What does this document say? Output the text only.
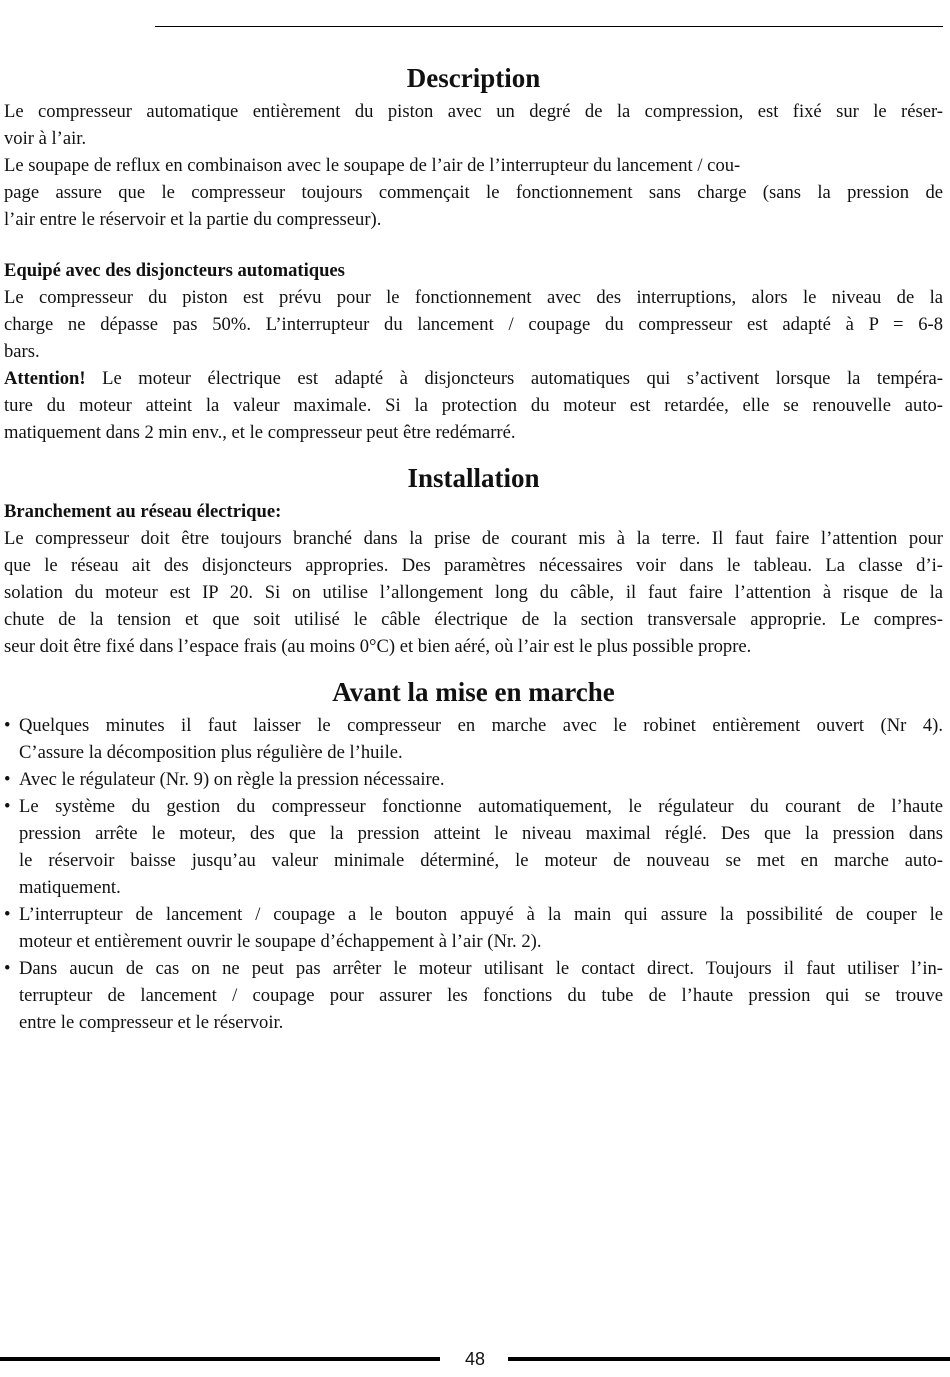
Description

Le compresseur automatique entièrement du piston avec un degré de la compression, est fixé sur le réser-
voir à l’air.

Le soupape de reflux en combinaison avec le soupape de l’air de l’interrupteur du lancement / cou-
page assure que le compresseur toujours commençait le fonctionnement sans charge (sans la pression de
l’air entre le réservoir et la partie du compresseur).

Equipé avec des disjoncteurs automatiques

Le compresseur du piston est prévu pour le fonctionnement avec des interruptions, alors le niveau de la
charge ne dépasse pas 50%. L’interrupteur du lancement / coupage du compresseur est adapté à P = 6-8
bars.

Attention! Le moteur électrique est adapté à disjoncteurs automatiques qui s’activent lorsque la tempéra-
ture du moteur atteint la valeur maximale. Si la protection du moteur est retardée, elle se renouvelle auto-
matiquement dans 2 min env., et le compresseur peut être redémarré.

Installation
Branchement au réseau électrique:

Le compresseur doit être toujours branché dans la prise de courant mis à la terre. Il faut faire l’attention pour
que le réseau ait des disjoncteurs appropries. Des paramètres nécessaires voir dans le tableau. La classe d’i-
solation du moteur est IP 20. Si on utilise l’allongement long du câble, il faut faire l’attention à risque de la
chute de la tension et que soit utilisé le câble électrique de la section transversale appropriе. Le compres-
seur doit être fixé dans l’espace frais (au moins 0°C) et bien aéré, où l’air est le plus possible propre.

Avant la mise en marche
• Quelques minutes il faut laisser le compresseur en marche avec le robinet entièrement ouvert (Nr 4).
C’assure la décomposition plus régulière de l’huile.
• Avec le régulateur (Nr. 9) on règle la pression nécessaire.
• Le système du gestion du compresseur fonctionne automatiquement, le régulateur du courant de l’haute
pression arrête le moteur, des que la pression atteint le niveau maximal réglé. Des que la pression dans
le réservoir baisse jusqu’au valeur minimale déterminé, le moteur de nouveau se met en marche auto-
matiquement.
• L’interrupteur de lancement / coupage a le bouton appuyé à la main qui assure la possibilité de couper le
moteur et entièrement ouvrir le soupape d’échappement à l’air (Nr. 2).
• Dans aucun de cas on ne peut pas arrêter le moteur utilisant le contact direct. Toujours il faut utiliser l’in-
terrupteur de lancement / coupage pour assurer les fonctions du tube de l’haute pression qui se trouve
entre le compresseur et le réservoir.
48
